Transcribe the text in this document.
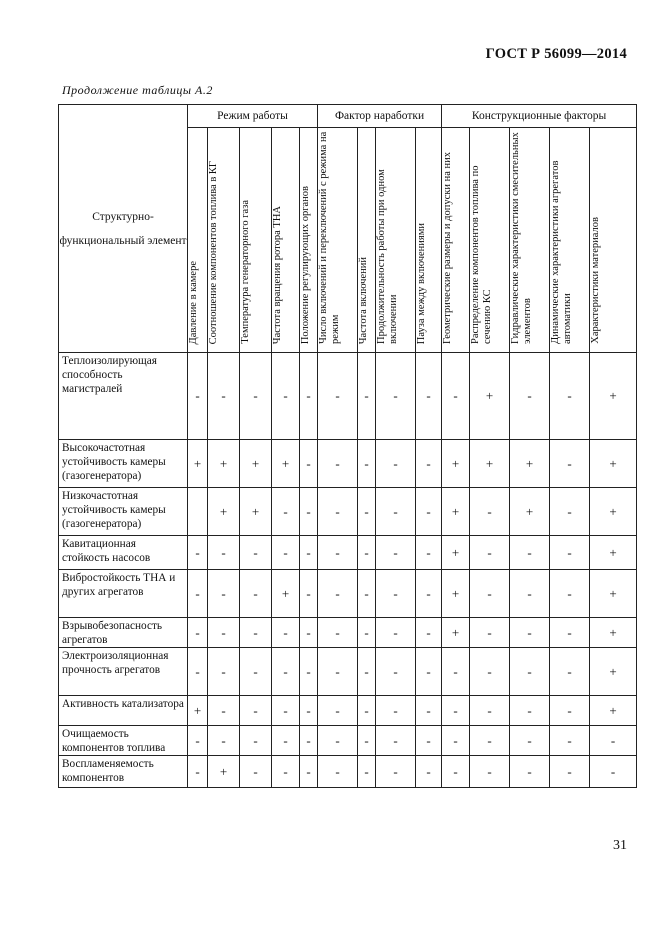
ГОСТ Р 56099—2014
Продолжение таблицы А.2
Структурно-функциональный элемент	Режим работы					Фактор наработки				Конструкционные факторы				
	Давление в камере	Соотношение компонентов топлива в КГ	Температура генераторного газа	Частота вращения ротора ТНА	Положение регулирующих органов	Число включений и переключений с режима на режим	Частота включений	Продолжительность работы при одном включении	Пауза между включениями	Геометрические размеры и допуски на них	Распределение компонентов топлива по сечению КС	Гидравлические характеристики смесительных элементов	Динамические характеристики агрегатов автоматики	Характеристики материалов
Теплоизолирующая способность магистралей	-	-	-	-	-	-	-	-	-	-	+	-	-	+
Высокочастотная устойчивость камеры (газогенератора)	+	+	+	+	-	-	-	-	-	+	+	+	-	+
Низкочастотная устойчивость камеры (газогенератора)		+	+	-	-	-	-	-	-	+	-	+	-	+
Кавитационная стойкость насосов	-	-	-	-	-	-	-	-	-	+	-	-	-	+
Вибростойкость ТНА и других агрегатов	-	-	-	+	-	-	-	-	-	+	-	-	-	+
Взрывобезопасность агрегатов	-	-	-	-	-	-	-	-	-	+	-	-	-	+
Электроизоляционная прочность агрегатов	-	-	-	-	-	-	-	-	-	-	-	-	-	+
Активность катализатора	+	-	-	-	-	-	-	-	-	-	-	-	-	+
Очищаемость компонентов топлива	-	-	-	-	-	-	-	-	-	-	-	-	-	-
Воспламеняемость компонентов	-	+	-	-	-	-	-	-	-	-	-	-	-	-
31
